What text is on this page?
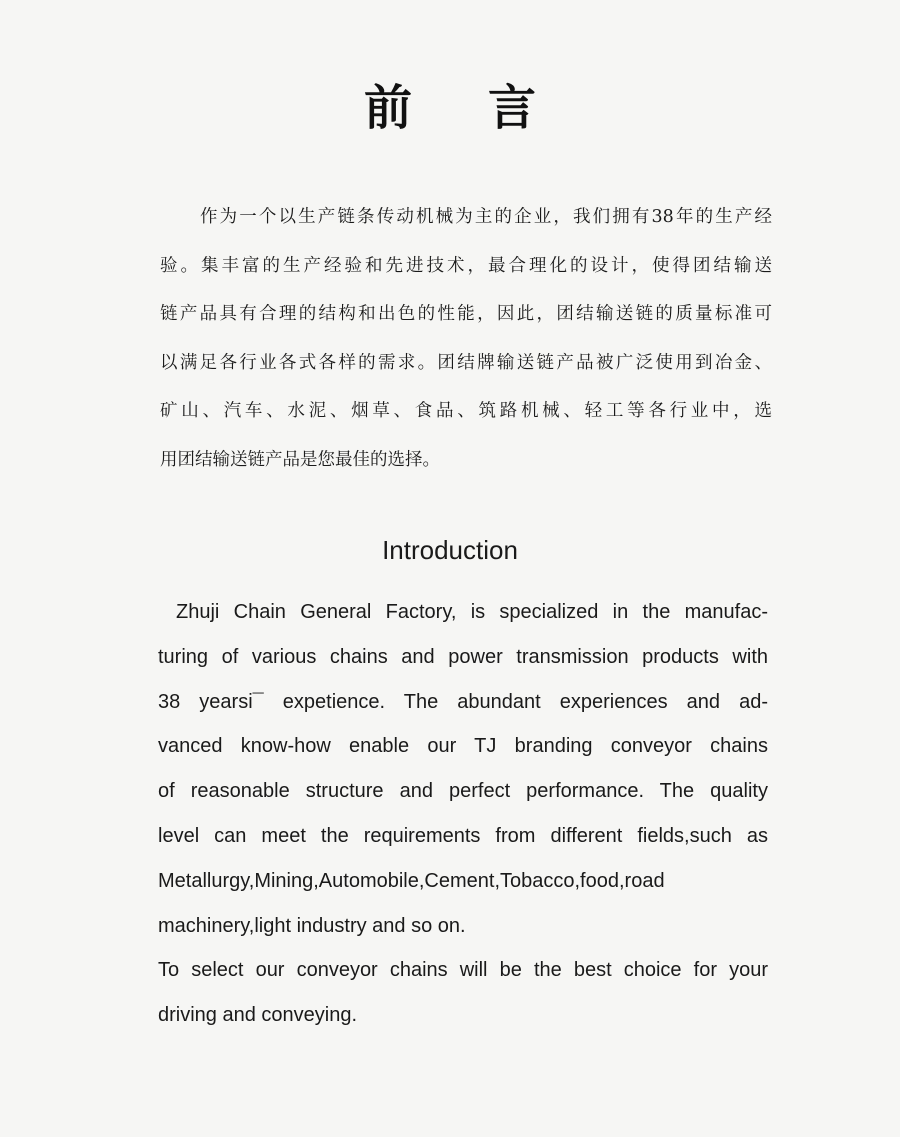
前言
作为一个以生产链条传动机械为主的企业，我们拥有38年的生产经
验。集丰富的生产经验和先进技术，最合理化的设计，使得团结输送
链产品具有合理的结构和出色的性能，因此，团结输送链的质量标准可
以满足各行业各式各样的需求。团结牌输送链产品被广泛使用到冶金、
矿山、汽车、水泥、烟草、食品、筑路机械、轻工等各行业中，选
用团结输送链产品是您最佳的选择。
Introduction
Zhuji Chain General Factory, is specialized in the manufac-
turing of various chains and power transmission products with
38 yearsi¯ expetience. The abundant experiences and ad-
vanced know-how enable our TJ branding conveyor chains
of reasonable structure and perfect performance. The quality
level can meet the requirements from different fields,such as
Metallurgy,Mining,Automobile,Cement,Tobacco,food,road
machinery,light industry and so on.
To select our conveyor chains will be the best choice for your
driving and conveying.
